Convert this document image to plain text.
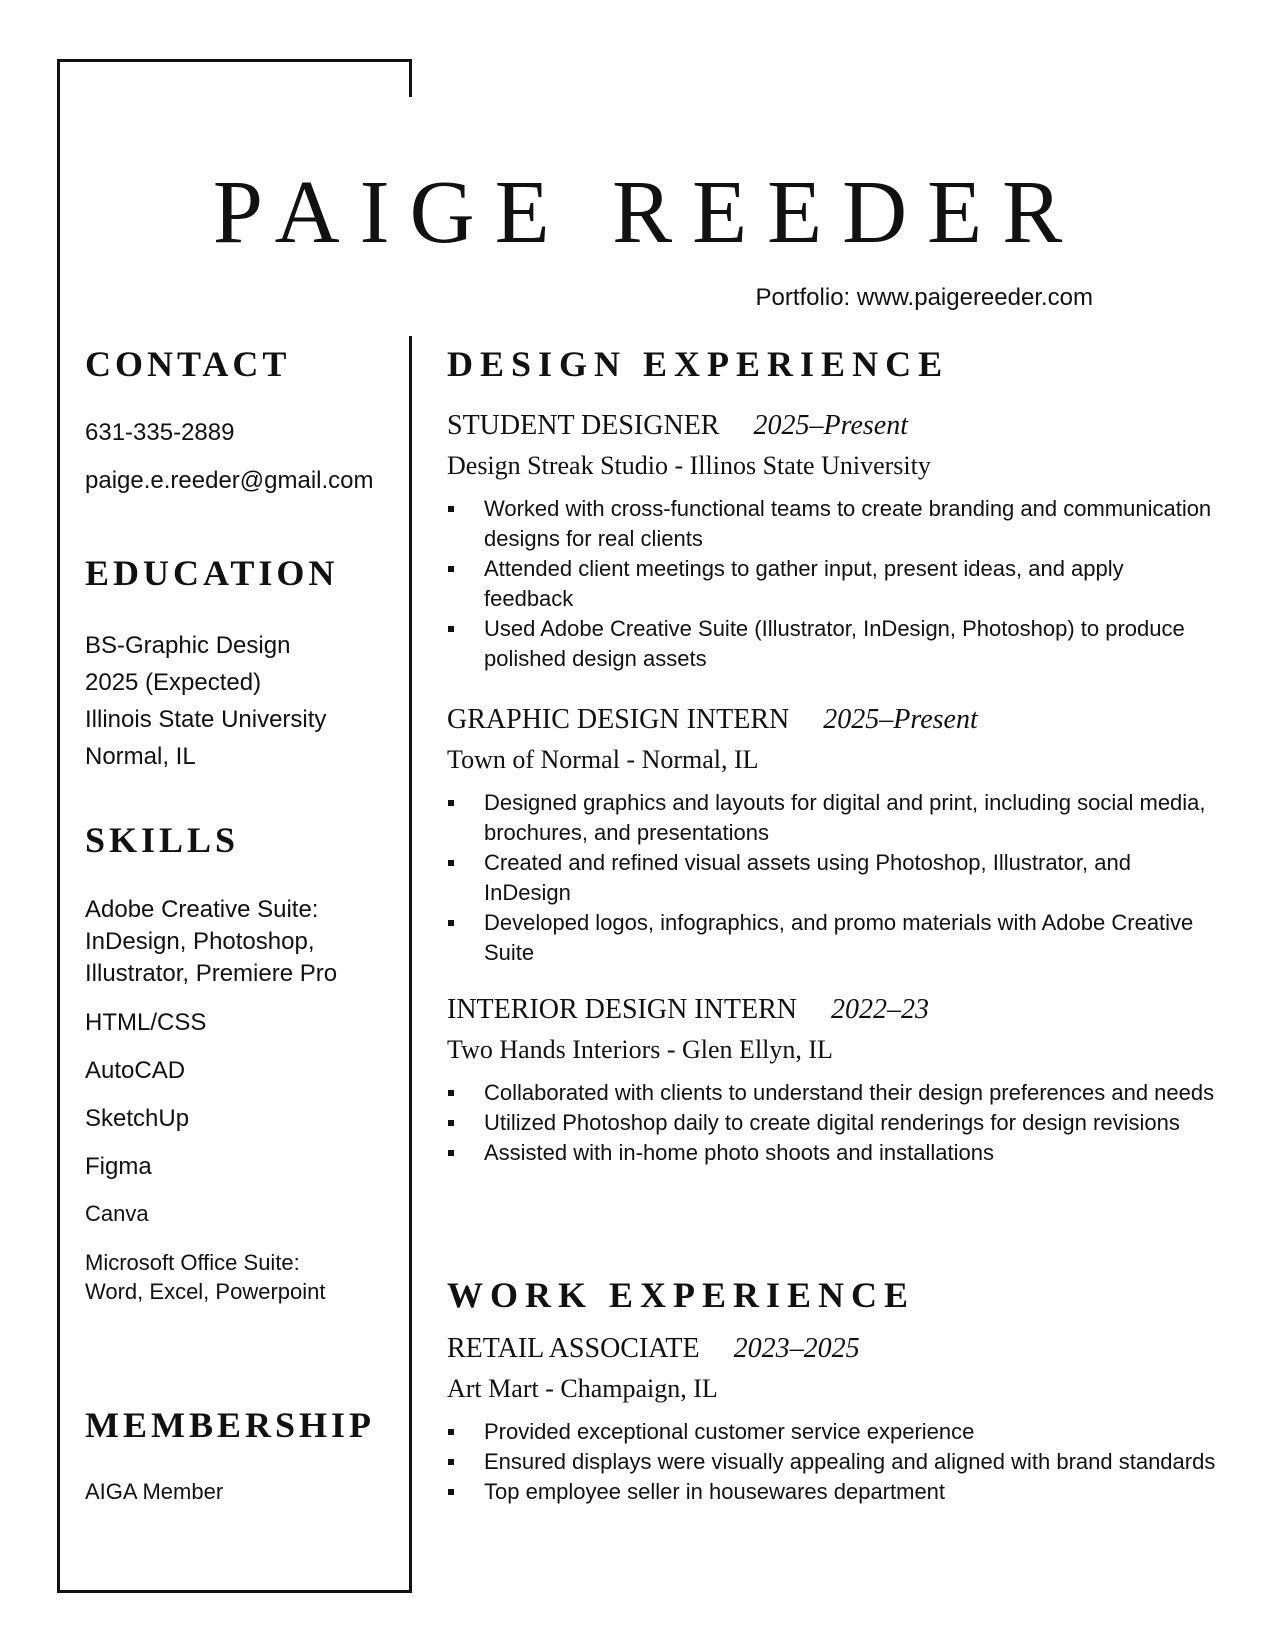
PAIGE REEDER
Portfolio: www.paigereeder.com
CONTACT
631-335-2889
paige.e.reeder@gmail.com
EDUCATION
BS-Graphic Design
2025 (Expected)
Illinois State University
Normal, IL
SKILLS
Adobe Creative Suite: InDesign, Photoshop, Illustrator, Premiere Pro
HTML/CSS
AutoCAD
SketchUp
Figma
Canva
Microsoft Office Suite: Word, Excel, Powerpoint
MEMBERSHIP
AIGA Member
DESIGN EXPERIENCE
STUDENT DESIGNER 2025–Present
Design Streak Studio - Illinos State University
Worked with cross-functional teams to create branding and communication designs for real clients
Attended client meetings to gather input, present ideas, and apply feedback
Used Adobe Creative Suite (Illustrator, InDesign, Photoshop) to produce polished design assets
GRAPHIC DESIGN INTERN 2025–Present
Town of Normal - Normal, IL
Designed graphics and layouts for digital and print, including social media, brochures, and presentations
Created and refined visual assets using Photoshop, Illustrator, and InDesign
Developed logos, infographics, and promo materials with Adobe Creative Suite
INTERIOR DESIGN INTERN 2022–23
Two Hands Interiors - Glen Ellyn, IL
Collaborated with clients to understand their design preferences and needs
Utilized Photoshop daily to create digital renderings for design revisions
Assisted with in-home photo shoots and installations
WORK EXPERIENCE
RETAIL ASSOCIATE 2023–2025
Art Mart - Champaign, IL
Provided exceptional customer service experience
Ensured displays were visually appealing and aligned with brand standards
Top employee seller in housewares department
